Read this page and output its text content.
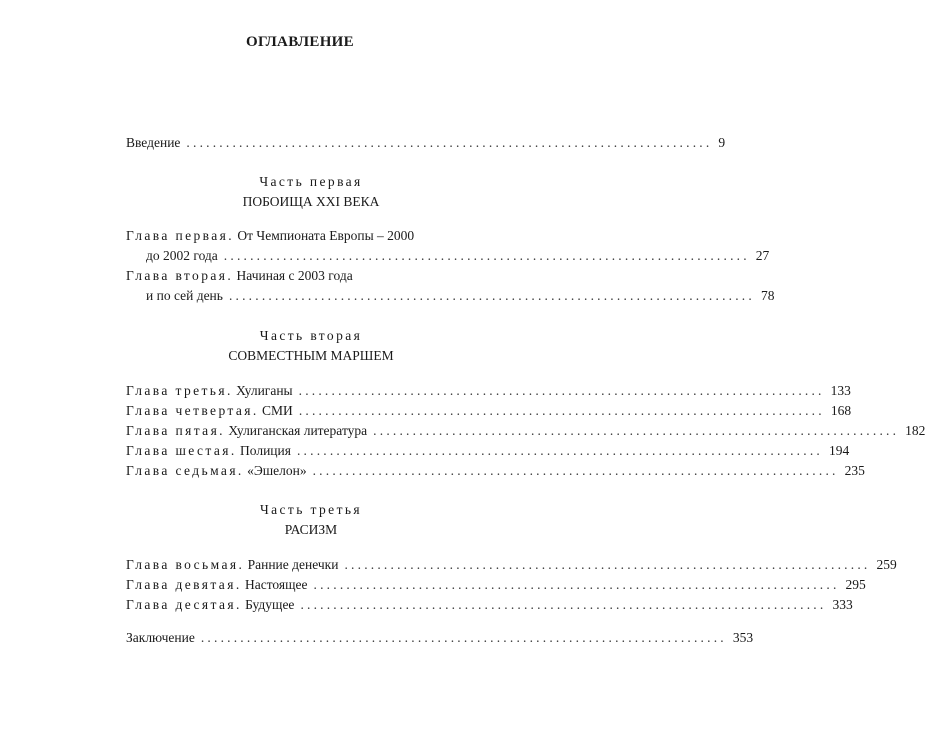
ОГЛАВЛЕНИЕ
Введение ................................................................................ 9
Часть первая
ПОБОИЩА XXI ВЕКА
Глава первая. От Чемпионата Европы – 2000
до 2002 года ................................................................................ 27
Глава вторая. Начиная с 2003 года
и по сей день ................................................................................ 78
Часть вторая
СОВМЕСТНЫМ МАРШЕМ
Глава третья. Хулиганы ................................................................................ 133
Глава четвертая. СМИ ................................................................................ 168
Глава пятая. Хулиганская литература ................................................................................ 182
Глава шестая. Полиция ................................................................................ 194
Глава седьмая. «Эшелон» ................................................................................ 235
Часть третья
РАСИЗМ
Глава восьмая. Ранние денечки ................................................................................ 259
Глава девятая. Настоящее ................................................................................ 295
Глава десятая. Будущее ................................................................................ 333
Заключение ................................................................................ 353
